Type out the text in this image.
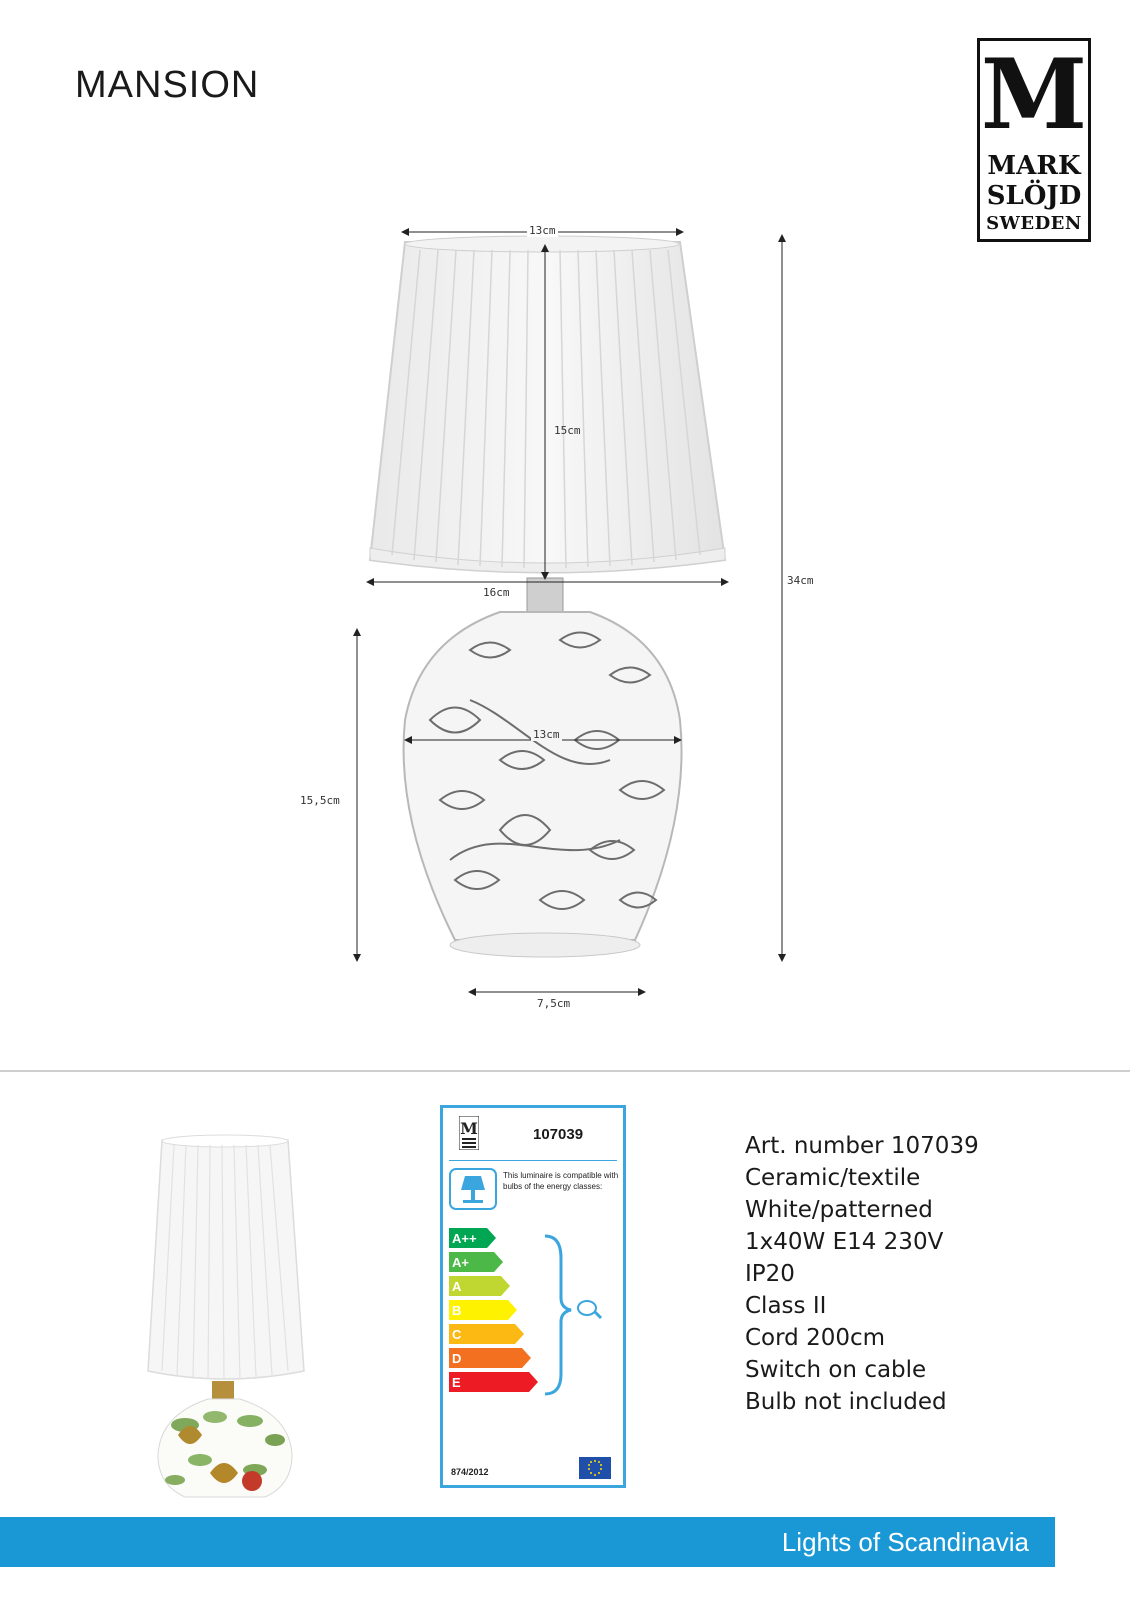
MANSION	M
MARK
SLÖJD
SWEDEN
13cm
15cm
16cm
34cm
15,5cm
13cm
7,5cm
M	107039
This luminaire is compatible with bulbs of the energy classes:
A++
A+
A
B
C
D
E
874/2012
Art. number 107039
Ceramic/textile
White/patterned
1x40W E14 230V
IP20
Class II
Cord 200cm
Switch on cable
Bulb not included
Lights of Scandinavia
